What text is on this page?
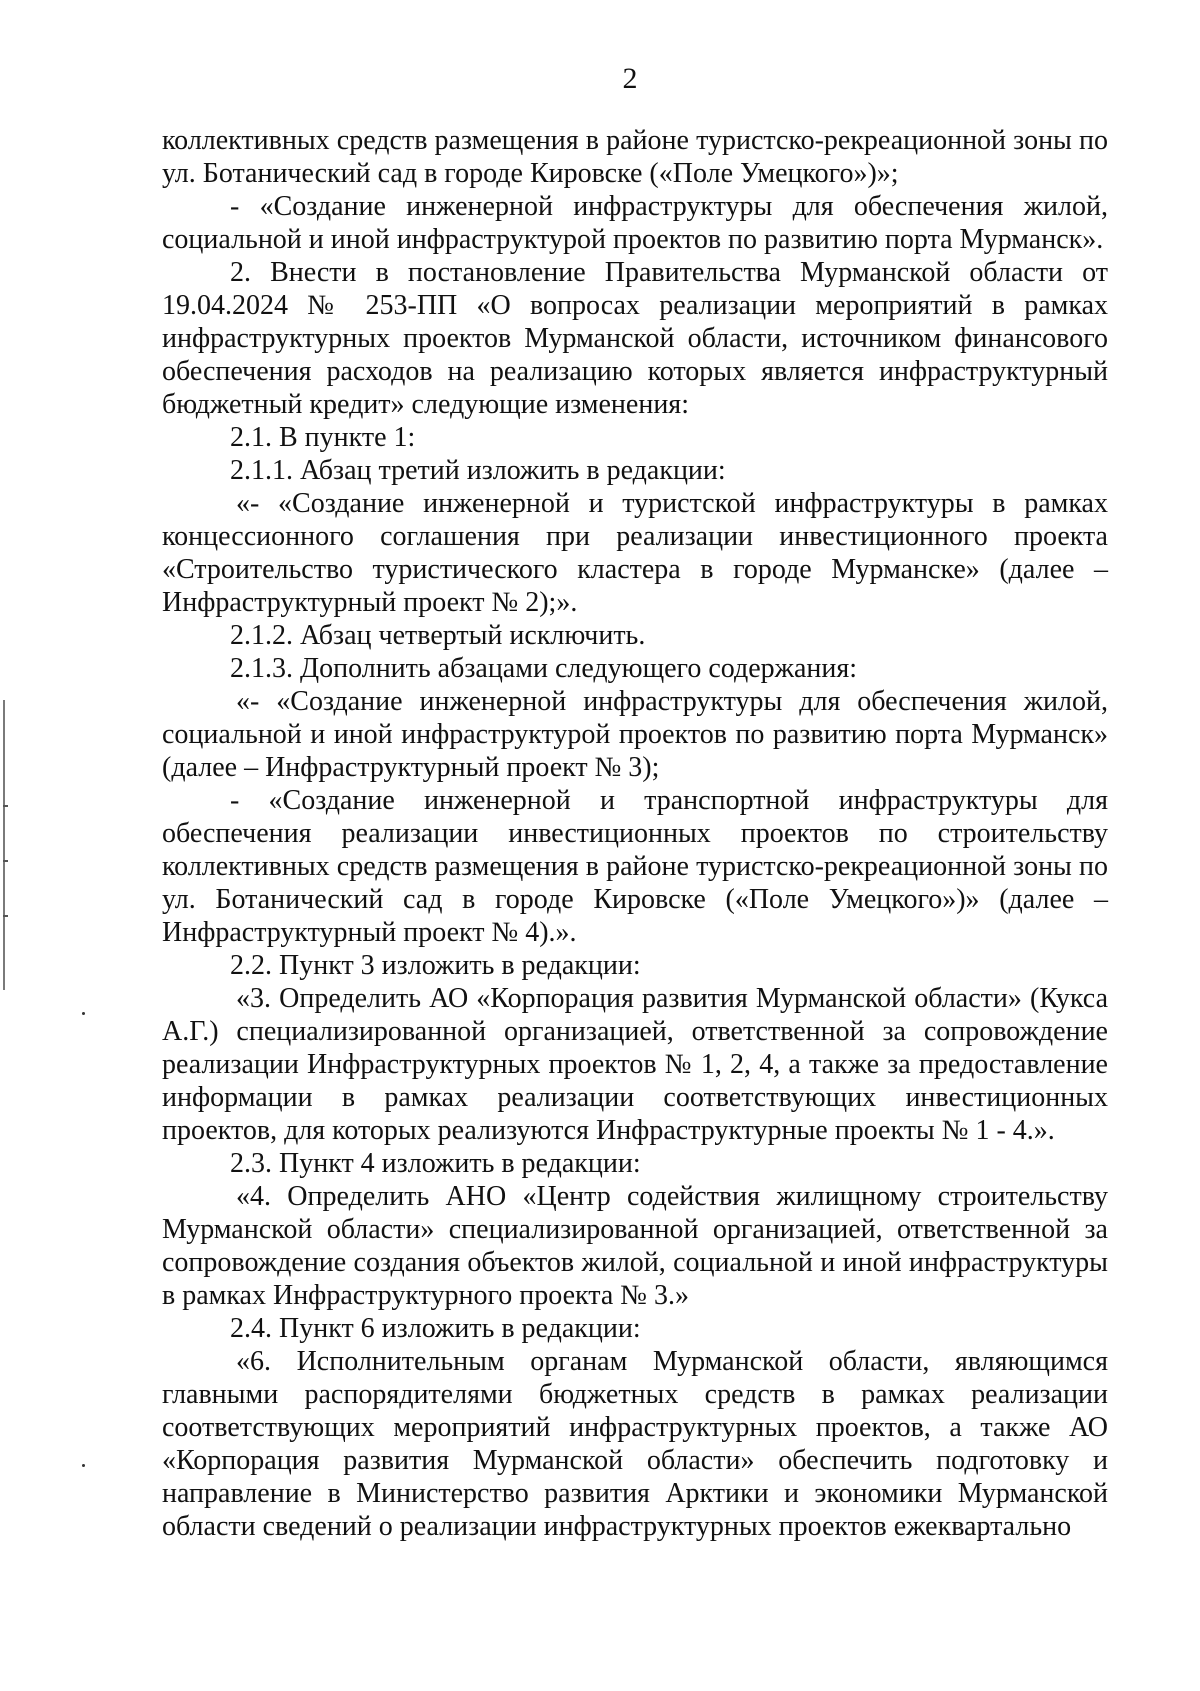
2

коллективных средств размещения в районе туристско-рекреационной зоны по ул. Ботанический сад в городе Кировске («Поле Умецкого»)»;

- «Создание инженерной инфраструктуры для обеспечения жилой, социальной и иной инфраструктурой проектов по развитию порта Мурманск».

2. Внести в постановление Правительства Мурманской области от 19.04.2024 № 253-ПП «О вопросах реализации мероприятий в рамках инфраструктурных проектов Мурманской области, источником финансового обеспечения расходов на реализацию которых является инфраструктурный бюджетный кредит» следующие изменения:

2.1. В пункте 1:

2.1.1. Абзац третий изложить в редакции:

«- «Создание инженерной и туристской инфраструктуры в рамках концессионного соглашения при реализации инвестиционного проекта «Строительство туристического кластера в городе Мурманске» (далее – Инфраструктурный проект № 2);».

2.1.2. Абзац четвертый исключить.

2.1.3. Дополнить абзацами следующего содержания:

«- «Создание инженерной инфраструктуры для обеспечения жилой, социальной и иной инфраструктурой проектов по развитию порта Мурманск» (далее – Инфраструктурный проект № 3);

- «Создание инженерной и транспортной инфраструктуры для обеспечения реализации инвестиционных проектов по строительству коллективных средств размещения в районе туристско-рекреационной зоны по ул. Ботанический сад в городе Кировске («Поле Умецкого»)» (далее – Инфраструктурный проект № 4).».

2.2. Пункт 3 изложить в редакции:

«3. Определить АО «Корпорация развития Мурманской области» (Кукса А.Г.) специализированной организацией, ответственной за сопровождение реализации Инфраструктурных проектов № 1, 2, 4, а также за предоставление информации в рамках реализации соответствующих инвестиционных проектов, для которых реализуются Инфраструктурные проекты № 1 - 4.».

2.3. Пункт 4 изложить в редакции:

«4. Определить АНО «Центр содействия жилищному строительству Мурманской области» специализированной организацией, ответственной за сопровождение создания объектов жилой, социальной и иной инфраструктуры в рамках Инфраструктурного проекта № 3.»

2.4. Пункт 6 изложить в редакции:

«6. Исполнительным органам Мурманской области, являющимся главными распорядителями бюджетных средств в рамках реализации соответствующих мероприятий инфраструктурных проектов, а также АО «Корпорация развития Мурманской области» обеспечить подготовку и направление в Министерство развития Арктики и экономики Мурманской области сведений о реализации инфраструктурных проектов ежеквартально
